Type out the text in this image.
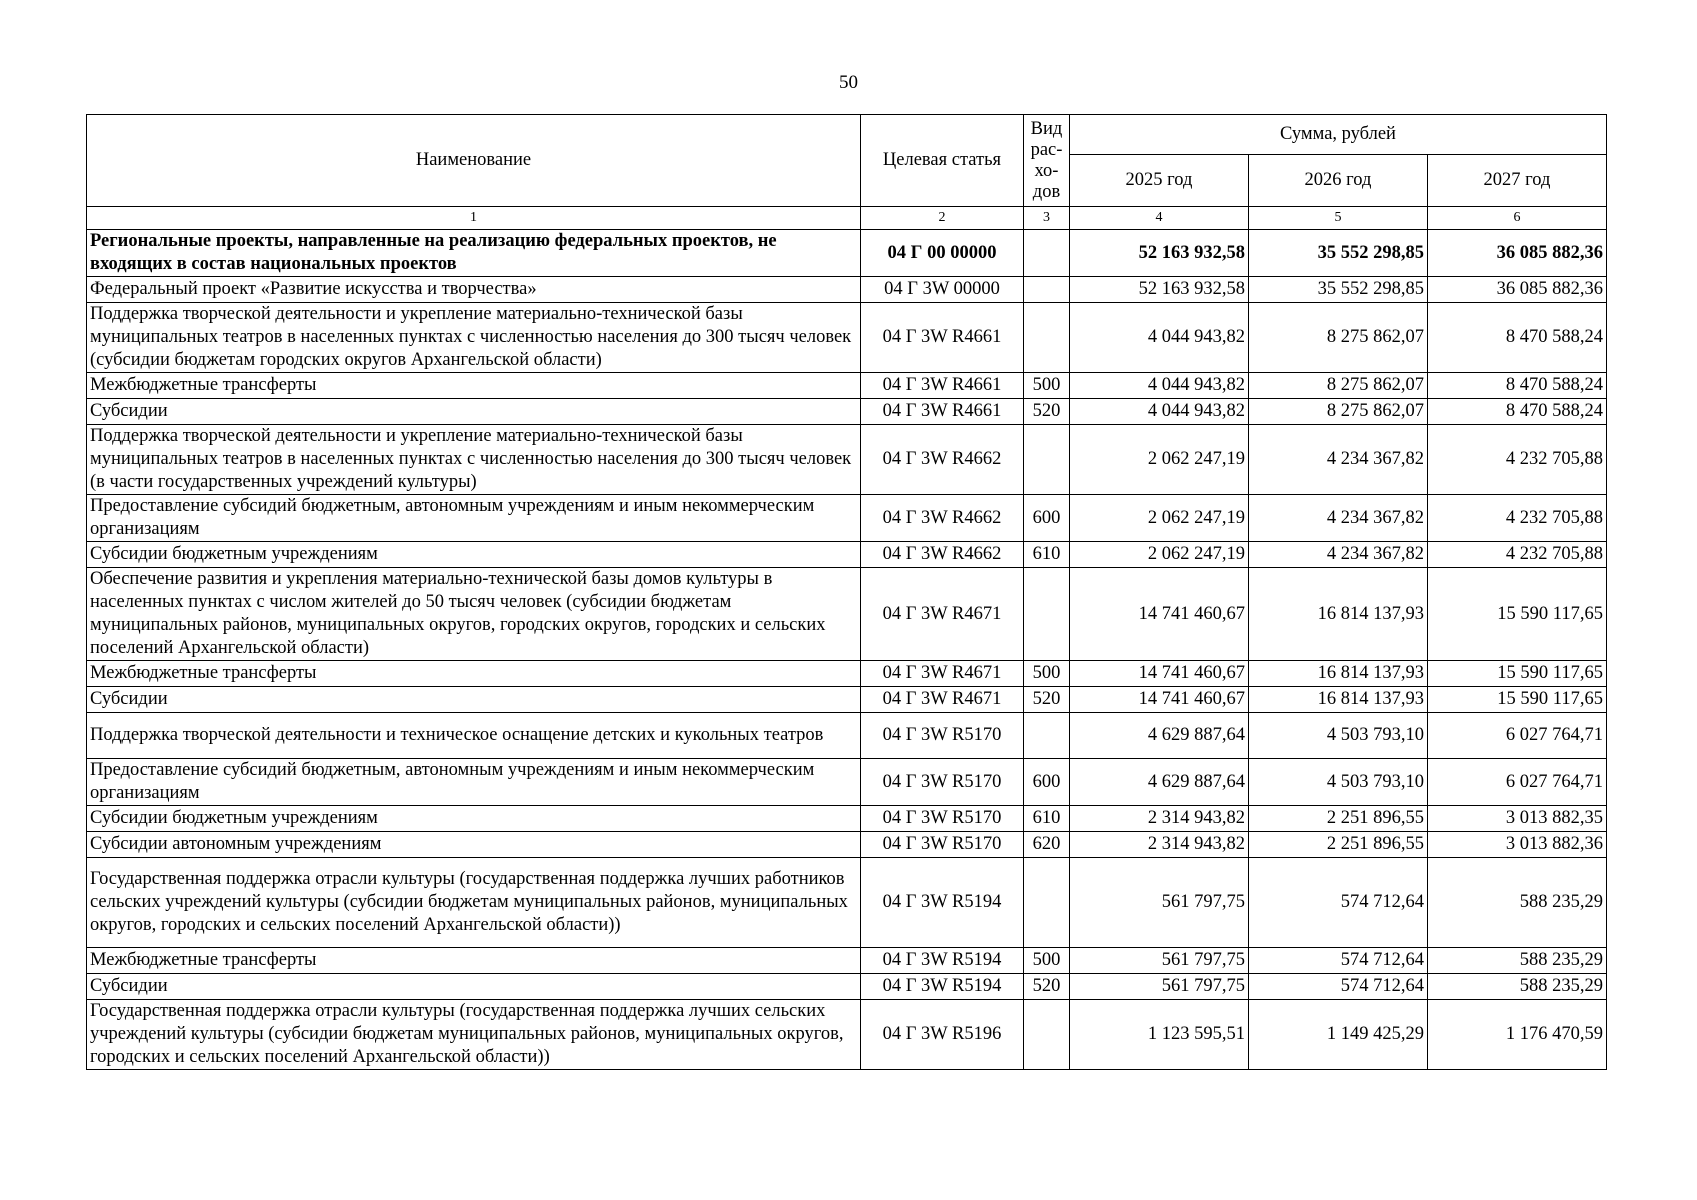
50
Наименование	Целевая статья	Вид
рас-
хо-
дов	Сумма, рублей		
			2025 год	2026 год	2027 год
1	2	3	4	5	6
Региональные проекты, направленные на реализацию федеральных проектов, не входящих в состав национальных проектов	04 Г 00 00000		52 163 932,58	35 552 298,85	36 085 882,36
Федеральный проект «Развитие искусства и творчества»	04 Г 3W 00000		52 163 932,58	35 552 298,85	36 085 882,36
Поддержка творческой деятельности и укрепление материально-технической базы муниципальных театров в населенных пунктах с численностью населения до 300 тысяч человек (субсидии бюджетам городских округов Архангельской области)	04 Г 3W R4661		4 044 943,82	8 275 862,07	8 470 588,24
Межбюджетные трансферты	04 Г 3W R4661	500	4 044 943,82	8 275 862,07	8 470 588,24
Субсидии	04 Г 3W R4661	520	4 044 943,82	8 275 862,07	8 470 588,24
Поддержка творческой деятельности и укрепление материально-технической базы муниципальных театров в населенных пунктах с численностью населения до 300 тысяч человек (в части государственных учреждений культуры)	04 Г 3W R4662		2 062 247,19	4 234 367,82	4 232 705,88
Предоставление субсидий бюджетным, автономным учреждениям и иным некоммерческим организациям	04 Г 3W R4662	600	2 062 247,19	4 234 367,82	4 232 705,88
Субсидии бюджетным учреждениям	04 Г 3W R4662	610	2 062 247,19	4 234 367,82	4 232 705,88
Обеспечение развития и укрепления материально-технической базы домов культуры в населенных пунктах с числом жителей до 50 тысяч человек (субсидии бюджетам муниципальных районов, муниципальных округов, городских округов, городских и сельских поселений Архангельской области)	04 Г 3W R4671		14 741 460,67	16 814 137,93	15 590 117,65
Межбюджетные трансферты	04 Г 3W R4671	500	14 741 460,67	16 814 137,93	15 590 117,65
Субсидии	04 Г 3W R4671	520	14 741 460,67	16 814 137,93	15 590 117,65
Поддержка творческой деятельности и техническое оснащение детских и кукольных театров	04 Г 3W R5170		4 629 887,64	4 503 793,10	6 027 764,71
Предоставление субсидий бюджетным, автономным учреждениям и иным некоммерческим организациям	04 Г 3W R5170	600	4 629 887,64	4 503 793,10	6 027 764,71
Субсидии бюджетным учреждениям	04 Г 3W R5170	610	2 314 943,82	2 251 896,55	3 013 882,35
Субсидии автономным учреждениям	04 Г 3W R5170	620	2 314 943,82	2 251 896,55	3 013 882,36
Государственная поддержка отрасли культуры (государственная поддержка лучших работников сельских учреждений культуры (субсидии бюджетам муниципальных районов, муниципальных округов, городских и сельских поселений Архангельской области))	04 Г 3W R5194		561 797,75	574 712,64	588 235,29
Межбюджетные трансферты	04 Г 3W R5194	500	561 797,75	574 712,64	588 235,29
Субсидии	04 Г 3W R5194	520	561 797,75	574 712,64	588 235,29
Государственная поддержка отрасли культуры (государственная поддержка лучших сельских учреждений культуры (субсидии бюджетам муниципальных районов, муниципальных округов, городских и сельских поселений Архангельской области))	04 Г 3W R5196		1 123 595,51	1 149 425,29	1 176 470,59
